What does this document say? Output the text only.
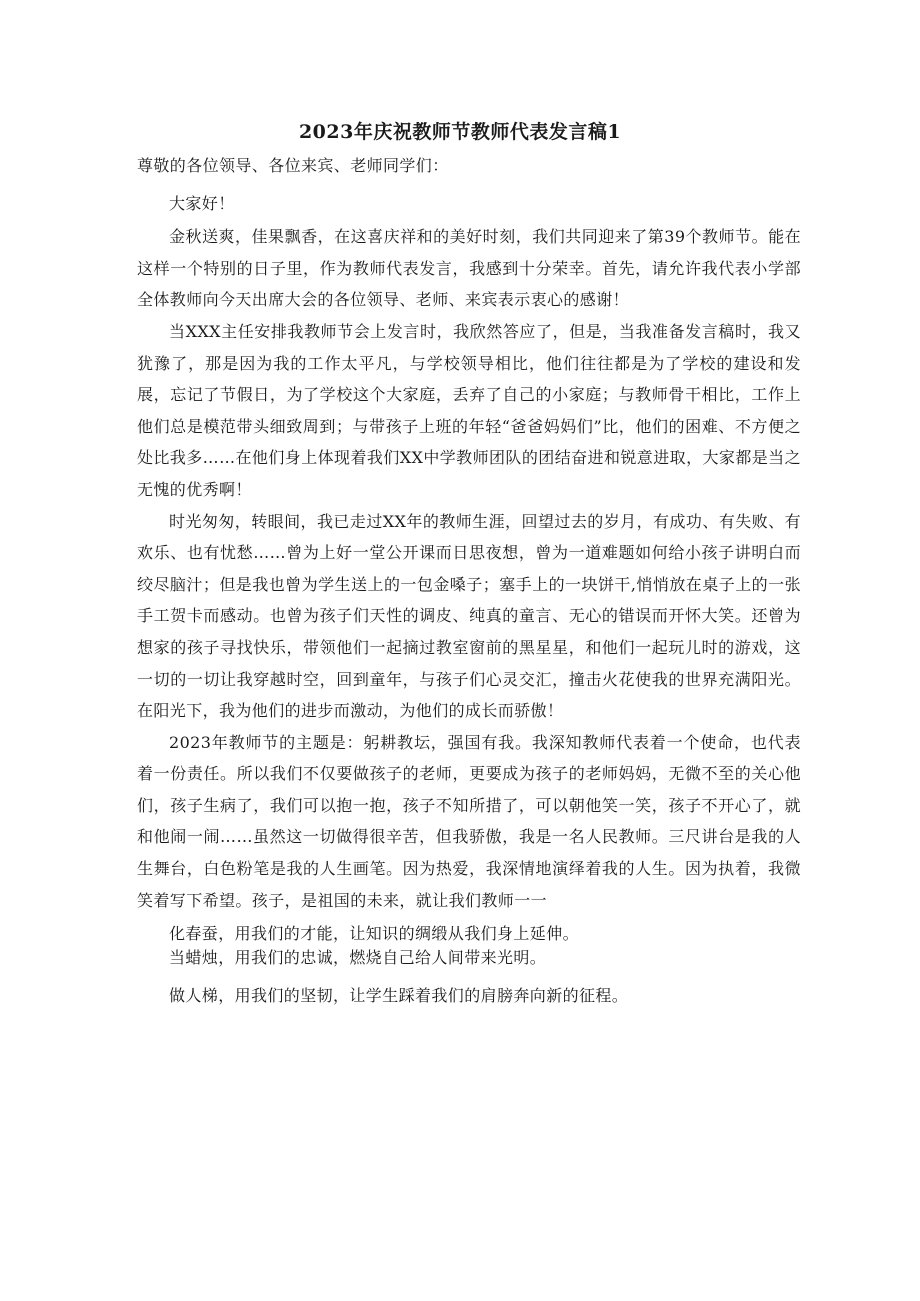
2023年庆祝教师节教师代表发言稿1

尊敬的各位领导、各位来宾、老师同学们：

大家好！

金秋送爽，佳果飘香，在这喜庆祥和的美好时刻，我们共同迎来了第39个教师节。能在这样一个特别的日子里，作为教师代表发言，我感到十分荣幸。首先，请允许我代表小学部全体教师向今天出席大会的各位领导、老师、来宾表示衷心的感谢！

当XXX主任安排我教师节会上发言时，我欣然答应了，但是，当我准备发言稿时，我又犹豫了，那是因为我的工作太平凡，与学校领导相比，他们往往都是为了学校的建设和发展，忘记了节假日，为了学校这个大家庭，丢弃了自己的小家庭；与教师骨干相比，工作上他们总是模范带头细致周到；与带孩子上班的年轻“爸爸妈妈们”比，他们的困难、不方便之处比我多……在他们身上体现着我们XX中学教师团队的团结奋进和锐意进取，大家都是当之无愧的优秀啊！

时光匆匆，转眼间，我已走过XX年的教师生涯，回望过去的岁月，有成功、有失败、有欢乐、也有忧愁……曾为上好一堂公开课而日思夜想，曾为一道难题如何给小孩子讲明白而绞尽脑汁；但是我也曾为学生送上的一包金嗓子；塞手上的一块饼干,悄悄放在桌子上的一张手工贺卡而感动。也曾为孩子们天性的调皮、纯真的童言、无心的错误而开怀大笑。还曾为想家的孩子寻找快乐，带领他们一起摘过教室窗前的黑星星，和他们一起玩儿时的游戏，这一切的一切让我穿越时空，回到童年，与孩子们心灵交汇，撞击火花使我的世界充满阳光。在阳光下，我为他们的进步而激动，为他们的成长而骄傲！

2023年教师节的主题是：躬耕教坛，强国有我。我深知教师代表着一个使命，也代表着一份责任。所以我们不仅要做孩子的老师，更要成为孩子的老师妈妈，无微不至的关心他们，孩子生病了，我们可以抱一抱，孩子不知所措了，可以朝他笑一笑，孩子不开心了，就和他闹一闹……虽然这一切做得很辛苦，但我骄傲，我是一名人民教师。三尺讲台是我的人生舞台，白色粉笔是我的人生画笔。因为热爱，我深情地演绎着我的人生。因为执着，我微笑着写下希望。孩子，是祖国的未来，就让我们教师一一

化春蚕，用我们的才能，让知识的绸缎从我们身上延伸。

当蜡烛，用我们的忠诚，燃烧自己给人间带来光明。

做人梯，用我们的坚韧，让学生踩着我们的肩膀奔向新的征程。
